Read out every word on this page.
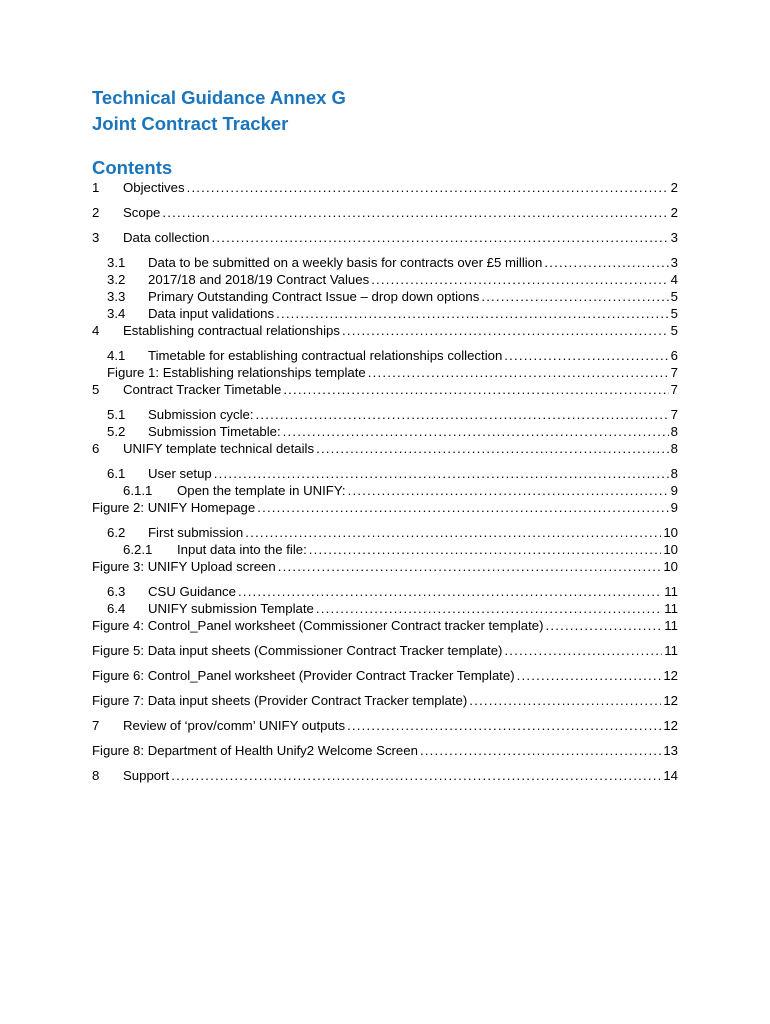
Technical Guidance Annex G
Joint Contract Tracker
Contents
1	Objectives .....	2
2	Scope .....	2
3	Data collection .....	3
3.1	Data to be submitted on a weekly basis for contracts over £5 million .....	3
3.2	2017/18 and 2018/19 Contract Values .....	4
3.3	Primary Outstanding Contract Issue – drop down options .....	5
3.4	Data input validations .....	5
4	Establishing contractual relationships .....	5
4.1	Timetable for establishing contractual relationships collection .....	6
Figure 1: Establishing relationships template .....	7
5	Contract Tracker Timetable .....	7
5.1	Submission cycle: .....	7
5.2	Submission Timetable: .....	8
6	UNIFY template technical details .....	8
6.1	User setup .....	8
6.1.1	Open the template in UNIFY: .....	9
Figure 2: UNIFY Homepage .....	9
6.2	First submission .....	10
6.2.1	Input data into the file: .....	10
Figure 3: UNIFY Upload screen .....	10
6.3	CSU Guidance .....	11
6.4	UNIFY submission Template .....	11
Figure 4: Control_Panel worksheet (Commissioner Contract tracker template) .....	11
Figure 5: Data input sheets (Commissioner Contract Tracker template) .....	11
Figure 6: Control_Panel worksheet (Provider Contract Tracker Template) .....	12
Figure 7: Data input sheets (Provider Contract Tracker template) .....	12
7	Review of ‘prov/comm’ UNIFY outputs .....	12
Figure 8: Department of Health Unify2 Welcome Screen .....	13
8	Support .....	14
